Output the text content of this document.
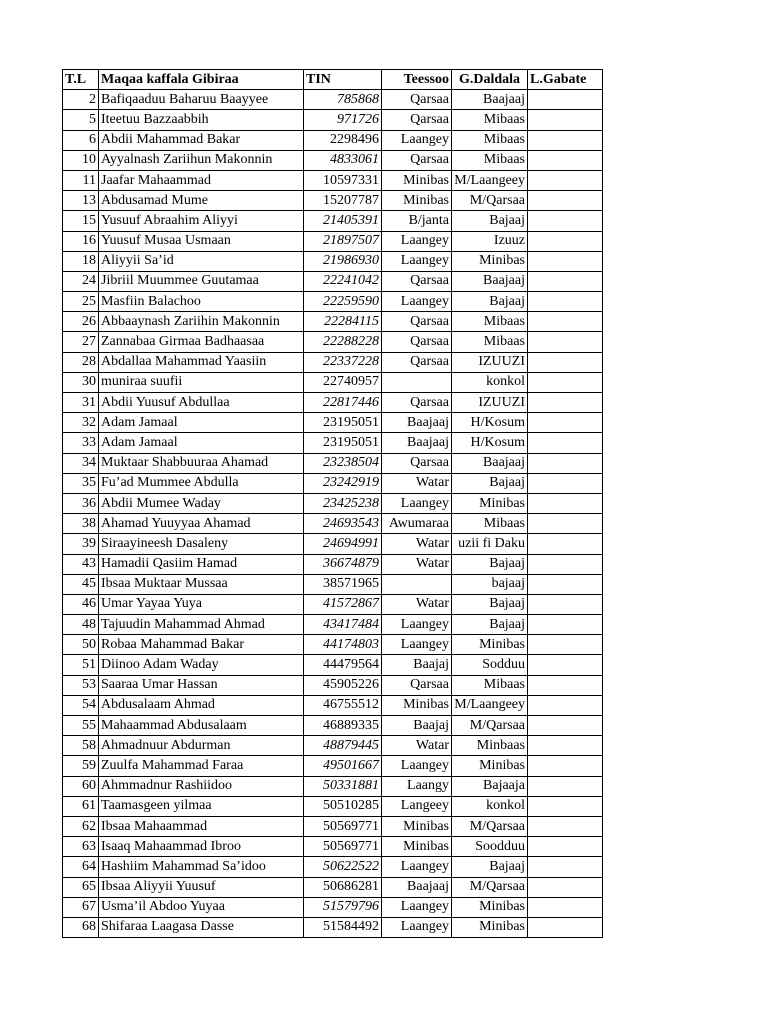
T.L	Maqaa kaffala Gibiraa	TIN	Teessoo	G.Daldala	L.Gabate
2	Bafiqaaduu Baharuu Baayyee	785868	Qarsaa	Baajaaj	
5	Iteetuu Bazzaabbih	971726	Qarsaa	Mibaas	
6	Abdii Mahammad Bakar	2298496	Laangey	Mibaas	
10	Ayyalnash Zariihun Makonnin	4833061	Qarsaa	Mibaas	
11	Jaafar Mahaammad	10597331	Minibas	M/Laangeey	
13	Abdusamad Mume	15207787	Minibas	M/Qarsaa	
15	Yusuuf Abraahim Aliyyi	21405391	B/janta	Bajaaj	
16	Yuusuf Musaa Usmaan	21897507	Laangey	Izuuz	
18	Aliyyii Sa’id	21986930	Laangey	Minibas	
24	Jibriil Muummee Guutamaa	22241042	Qarsaa	Baajaaj	
25	Masfiin Balachoo	22259590	Laangey	Bajaaj	
26	Abbaaynash Zariihin Makonnin	22284115	Qarsaa	Mibaas	
27	Zannabaa Girmaa Badhaasaa	22288228	Qarsaa	Mibaas	
28	Abdallaa Mahammad Yaasiin	22337228	Qarsaa	IZUUZI	
30	muniraa suufii	22740957		konkol	
31	Abdii Yuusuf Abdullaa	22817446	Qarsaa	IZUUZI	
32	Adam Jamaal	23195051	Baajaaj	H/Kosum	
33	Adam Jamaal	23195051	Baajaaj	H/Kosum	
34	Muktaar Shabbuuraa Ahamad	23238504	Qarsaa	Baajaaj	
35	Fu’ad Mummee Abdulla	23242919	Watar	Bajaaj	
36	Abdii Mumee Waday	23425238	Laangey	Minibas	
38	Ahamad Yuuyyaa Ahamad	24693543	Awumaraa	Mibaas	
39	Siraayineesh Dasaleny	24694991	Watar	uzii fi Daku	
43	Hamadii Qasiim Hamad	36674879	Watar	Bajaaj	
45	Ibsaa Muktaar Mussaa	38571965		bajaaj	
46	Umar Yayaa Yuya	41572867	Watar	Bajaaj	
48	Tajuudin Mahammad Ahmad	43417484	Laangey	Bajaaj	
50	Robaa Mahammad Bakar	44174803	Laangey	Minibas	
51	Diinoo Adam Waday	44479564	Baajaj	Sodduu	
53	Saaraa Umar Hassan	45905226	Qarsaa	Mibaas	
54	Abdusalaam Ahmad	46755512	Minibas	M/Laangeey	
55	Mahaammad Abdusalaam	46889335	Baajaj	M/Qarsaa	
58	Ahmadnuur Abdurman	48879445	Watar	Minbaas	
59	Zuulfa Mahammad Faraa	49501667	Laangey	Minibas	
60	Ahmmadnur Rashiidoo	50331881	Laangy	Bajaaja	
61	Taamasgeen yilmaa	50510285	Langeey	konkol	
62	Ibsaa Mahaammad	50569771	Minibas	M/Qarsaa	
63	Isaaq Mahaammad Ibroo	50569771	Minibas	Soodduu	
64	Hashiim Mahammad Sa’idoo	50622522	Laangey	Bajaaj	
65	Ibsaa Aliyyii Yuusuf	50686281	Baajaaj	M/Qarsaa	
67	Usma’il Abdoo Yuyaa	51579796	Laangey	Minibas	
68	Shifaraa Laagasa Dasse	51584492	Laangey	Minibas	
